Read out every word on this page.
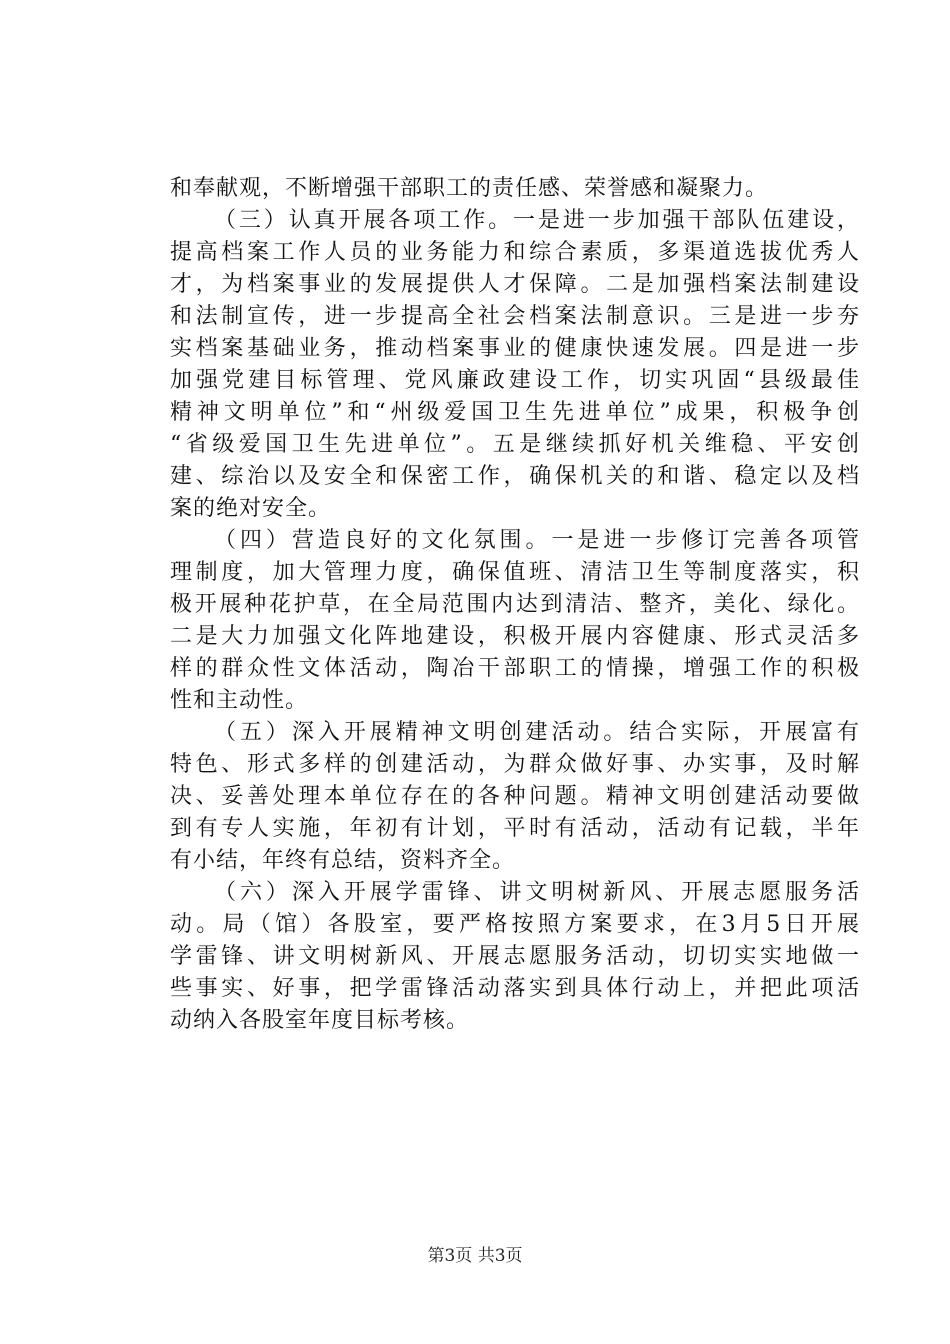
和奉献观，不断增强干部职工的责任感、荣誉感和凝聚力。
（三）认真开展各项工作。一是进一步加强干部队伍建设，
提高档案工作人员的业务能力和综合素质，多渠道选拔优秀人
才，为档案事业的发展提供人才保障。二是加强档案法制建设
和法制宣传，进一步提高全社会档案法制意识。三是进一步夯
实档案基础业务，推动档案事业的健康快速发展。四是进一步
加强党建目标管理、党风廉政建设工作，切实巩固“县级最佳
精神文明单位”和“州级爱国卫生先进单位”成果，积极争创
“省级爱国卫生先进单位”。五是继续抓好机关维稳、平安创
建、综治以及安全和保密工作，确保机关的和谐、稳定以及档
案的绝对安全。
（四）营造良好的文化氛围。一是进一步修订完善各项管
理制度，加大管理力度，确保值班、清洁卫生等制度落实，积
极开展种花护草，在全局范围内达到清洁、整齐，美化、绿化。
二是大力加强文化阵地建设，积极开展内容健康、形式灵活多
样的群众性文体活动，陶冶干部职工的情操，增强工作的积极
性和主动性。
（五）深入开展精神文明创建活动。结合实际，开展富有
特色、形式多样的创建活动，为群众做好事、办实事，及时解
决、妥善处理本单位存在的各种问题。精神文明创建活动要做
到有专人实施，年初有计划，平时有活动，活动有记载，半年
有小结，年终有总结，资料齐全。
（六）深入开展学雷锋、讲文明树新风、开展志愿服务活
动。局（馆）各股室，要严格按照方案要求，在3月5日开展
学雷锋、讲文明树新风、开展志愿服务活动，切切实实地做一
些事实、好事，把学雷锋活动落实到具体行动上，并把此项活
动纳入各股室年度目标考核。
第3页 共3页
